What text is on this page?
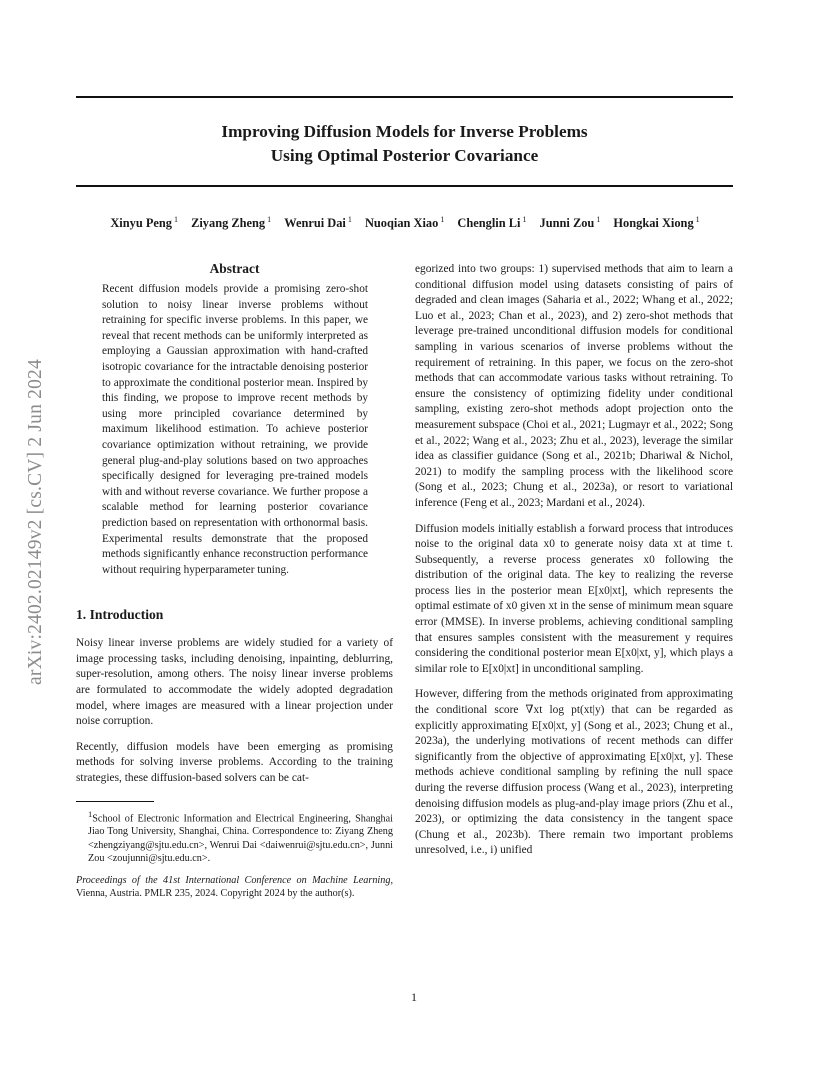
Improving Diffusion Models for Inverse Problems
Using Optimal Posterior Covariance
Xinyu Peng $^1$ Ziyang Zheng $^1$ Wenrui Dai $^1$ Nuoqian Xiao $^1$ Chenglin Li $^1$ Junni Zou $^1$ Hongkai Xiong $^1$
arXiv:2402.02149v2 [cs.CV] 2 Jun 2024
Abstract

Recent diffusion models provide a promising zero-shot solution to noisy linear inverse problems without retraining for specific inverse problems. In this paper, we reveal that recent methods can be uniformly interpreted as employing a Gaussian approximation with hand-crafted isotropic covariance for the intractable denoising posterior to approximate the conditional posterior mean. Inspired by this finding, we propose to improve recent methods by using more principled covariance determined by maximum likelihood estimation. To achieve posterior covariance optimization without retraining, we provide general plug-and-play solutions based on two approaches specifically designed for leveraging pre-trained models with and without reverse covariance. We further propose a scalable method for learning posterior covariance prediction based on representation with orthonormal basis. Experimental results demonstrate that the proposed methods significantly enhance reconstruction performance without requiring hyperparameter tuning.

1. Introduction

Noisy linear inverse problems are widely studied for a variety of image processing tasks, including denoising, inpainting, deblurring, super-resolution, among others. The noisy linear inverse problems are formulated to accommodate the widely adopted degradation model, where images are measured with a linear projection under noise corruption.

Recently, diffusion models have been emerging as promising methods for solving inverse problems. According to the training strategies, these diffusion-based solvers can be cat-

$^1$School of Electronic Information and Electrical Engineering, Shanghai Jiao Tong University, Shanghai, China. Correspondence to: Ziyang Zheng <zhengziyang@sjtu.edu.cn>, Wenrui Dai <daiwenrui@sjtu.edu.cn>, Junni Zou <zoujunni@sjtu.edu.cn>.

Proceedings of the 41st International Conference on Machine Learning, Vienna, Austria. PMLR 235, 2024. Copyright 2024 by the author(s).

egorized into two groups: 1) supervised methods that aim to learn a conditional diffusion model using datasets consisting of pairs of degraded and clean images (Saharia et al., 2022; Whang et al., 2022; Luo et al., 2023; Chan et al., 2023), and 2) zero-shot methods that leverage pre-trained unconditional diffusion models for conditional sampling in various scenarios of inverse problems without the requirement of retraining. In this paper, we focus on the zero-shot methods that can accommodate various tasks without retraining. To ensure the consistency of optimizing fidelity under conditional sampling, existing zero-shot methods adopt projection onto the measurement subspace (Choi et al., 2021; Lugmayr et al., 2022; Song et al., 2022; Wang et al., 2023; Zhu et al., 2023), leverage the similar idea as classifier guidance (Song et al., 2021b; Dhariwal & Nichol, 2021) to modify the sampling process with the likelihood score (Song et al., 2023; Chung et al., 2023a), or resort to variational inference (Feng et al., 2023; Mardani et al., 2024).

Diffusion models initially establish a forward process that introduces noise to the original data x0 to generate noisy data xt at time t. Subsequently, a reverse process generates x0 following the distribution of the original data. The key to realizing the reverse process lies in the posterior mean E[x0|xt], which represents the optimal estimate of x0 given xt in the sense of minimum mean square error (MMSE). In inverse problems, achieving conditional sampling that ensures samples consistent with the measurement y requires considering the conditional posterior mean E[x0|xt, y], which plays a similar role to E[x0|xt] in unconditional sampling.

However, differing from the methods originated from approximating the conditional score ∇xt log pt(xt|y) that can be regarded as explicitly approximating E[x0|xt, y] (Song et al., 2023; Chung et al., 2023a), the underlying motivations of recent methods can differ significantly from the objective of approximating E[x0|xt, y]. These methods achieve conditional sampling by refining the null space during the reverse diffusion process (Wang et al., 2023), interpreting denoising diffusion models as plug-and-play image priors (Zhu et al., 2023), or optimizing the data consistency in the tangent space (Chung et al., 2023b). There remain two important problems unresolved, i.e., i) unified

1
